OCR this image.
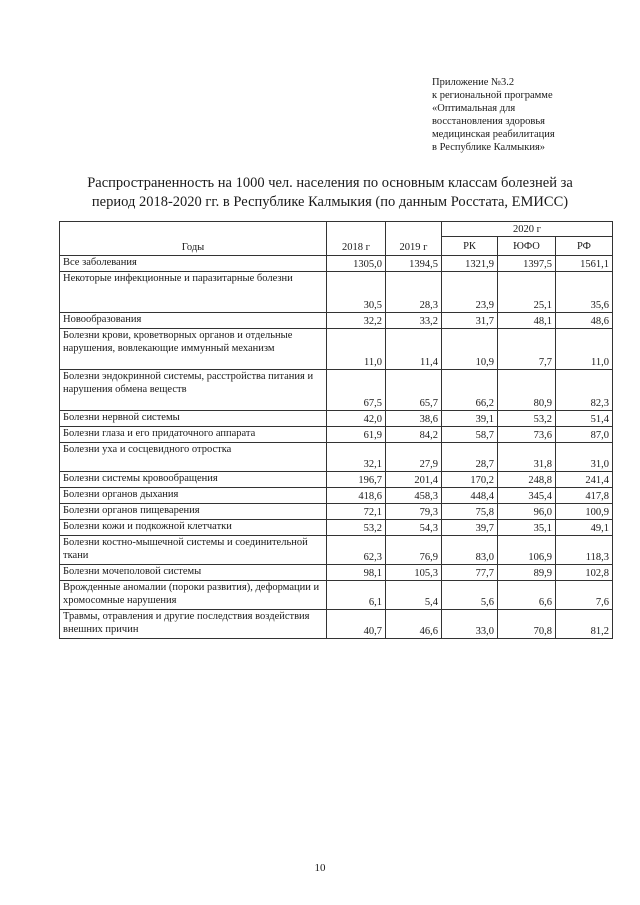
Приложение №3.2
к региональной программе
«Оптимальная для
восстановления здоровья
медицинская реабилитация
в Республике Калмыкия»
Распространенность на 1000 чел. населения по основным классам болезней за
период 2018-2020 гг. в Республике Калмыкия (по данным Росстата, ЕМИСС)
Годы	2018 г	2019 г	2020 г		
			РК	ЮФО	РФ
Все заболевания	1305,0	1394,5	1321,9	1397,5	1561,1
Некоторые инфекционные и паразитарные болезни	30,5	28,3	23,9	25,1	35,6
Новообразования	32,2	33,2	31,7	48,1	48,6
Болезни крови, кроветворных органов и отдельные нарушения, вовлекающие иммунный механизм	11,0	11,4	10,9	7,7	11,0
Болезни эндокринной системы, расстройства питания и нарушения обмена веществ	67,5	65,7	66,2	80,9	82,3
Болезни нервной системы	42,0	38,6	39,1	53,2	51,4
Болезни глаза и его придаточного аппарата	61,9	84,2	58,7	73,6	87,0
Болезни уха и сосцевидного отростка	32,1	27,9	28,7	31,8	31,0
Болезни системы кровообращения	196,7	201,4	170,2	248,8	241,4
Болезни органов дыхания	418,6	458,3	448,4	345,4	417,8
Болезни органов пищеварения	72,1	79,3	75,8	96,0	100,9
Болезни кожи и подкожной клетчатки	53,2	54,3	39,7	35,1	49,1
Болезни костно-мышечной системы и соединительной ткани	62,3	76,9	83,0	106,9	118,3
Болезни мочеполовой системы	98,1	105,3	77,7	89,9	102,8
Врожденные аномалии (пороки развития), деформации и хромосомные нарушения	6,1	5,4	5,6	6,6	7,6
Травмы, отравления и другие последствия воздействия внешних причин	40,7	46,6	33,0	70,8	81,2
10
